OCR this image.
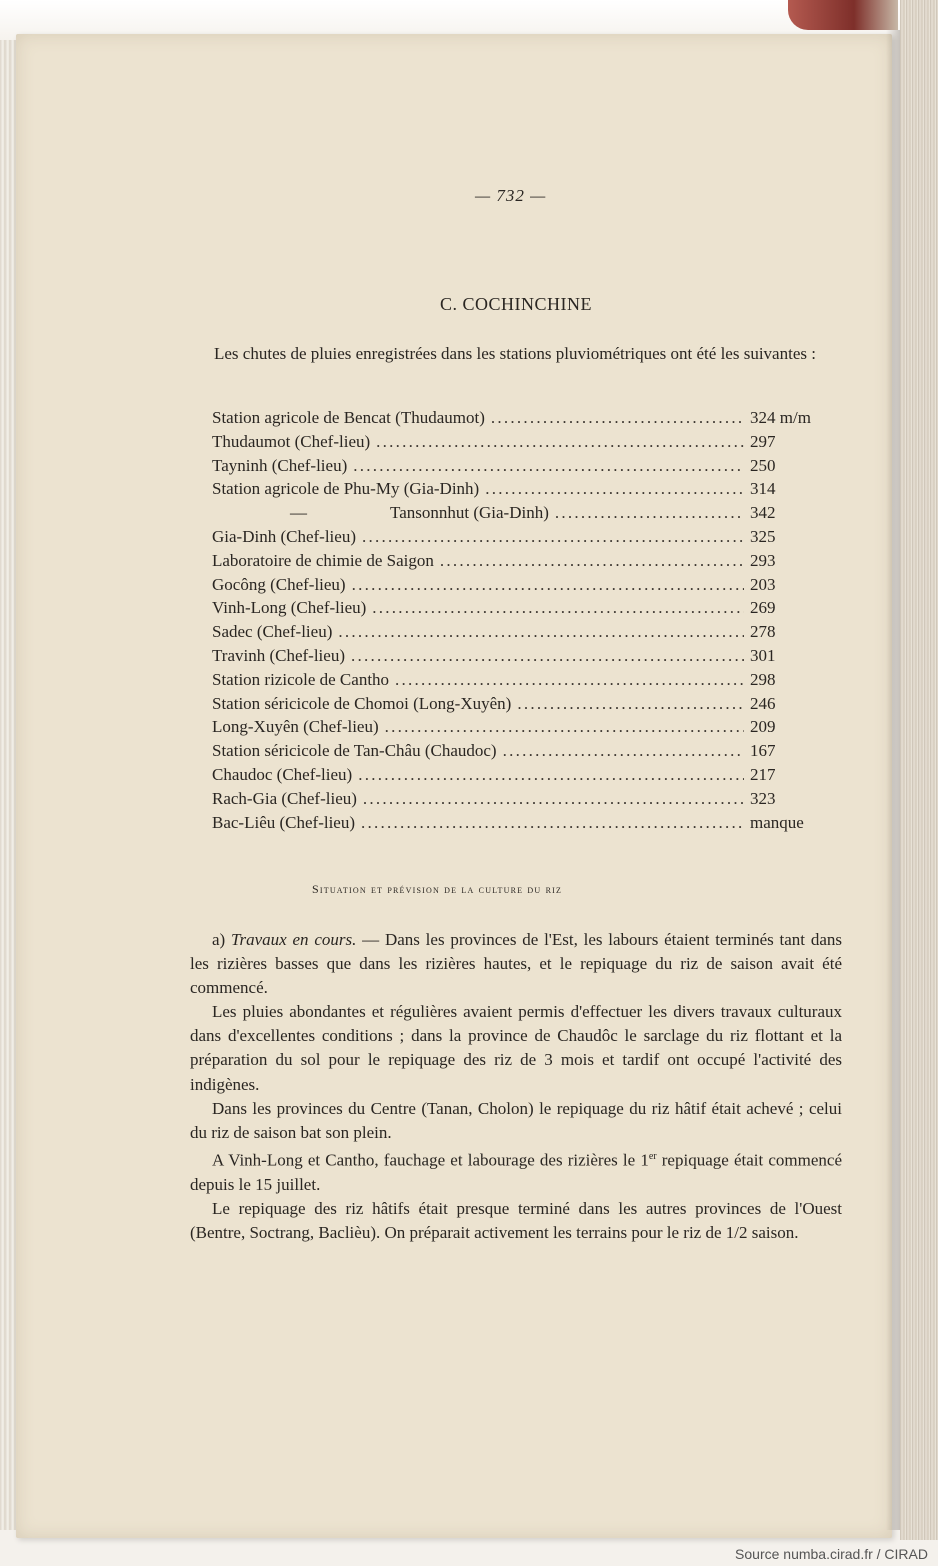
— 732 —
C. COCHINCHINE
Les chutes de pluies enregistrées dans les stations pluviométriques ont été les suivantes :
Station agricole de Bencat (Thudaumot) . . .	324 m/m
Thudaumot (Chef-lieu) . . .	297
Tayninh (Chef-lieu) . . .	250
Station agricole de Phu-My (Gia-Dinh) . . .	314
—	Tansonnhut (Gia-Dinh) . . .	342
Gia-Dinh (Chef-lieu) . . .	325
Laboratoire de chimie de Saigon . . .	293
Gocông (Chef-lieu) . . .	203
Vinh-Long (Chef-lieu) . . .	269
Sadec (Chef-lieu) . . .	278
Travinh (Chef-lieu) . . .	301
Station rizicole de Cantho . . .	298
Station séricicole de Chomoi (Long-Xuyên) . . .	246
Long-Xuyên (Chef-lieu) . . .	209
Station séricicole de Tan-Châu (Chaudoc) . . .	167
Chaudoc (Chef-lieu) . . .	217
Rach-Gia (Chef-lieu) . . .	323
Bac-Liêu (Chef-lieu) . . .	manque
Situation et prévision de la culture du riz

a) Travaux en cours. — Dans les provinces de l'Est, les labours étaient terminés tant dans les rizières basses que dans les rizières hautes, et le repiquage du riz de saison avait été commencé.

Les pluies abondantes et régulières avaient permis d'effectuer les divers travaux culturaux dans d'excellentes conditions ; dans la province de Chaudôc le sarclage du riz flottant et la préparation du sol pour le repiquage des riz de 3 mois et tardif ont occupé l'activité des indigènes.

Dans les provinces du Centre (Tanan, Cholon) le repiquage du riz hâtif était achevé ; celui du riz de saison bat son plein.

A Vinh-Long et Cantho, fauchage et labourage des rizières le 1er repiquage était commencé depuis le 15 juillet.

Le repiquage des riz hâtifs était presque terminé dans les autres provinces de l'Ouest (Bentre, Soctrang, Baclièu). On préparait activement les terrains pour le riz de 1/2 saison.

Source numba.cirad.fr / CIRAD
